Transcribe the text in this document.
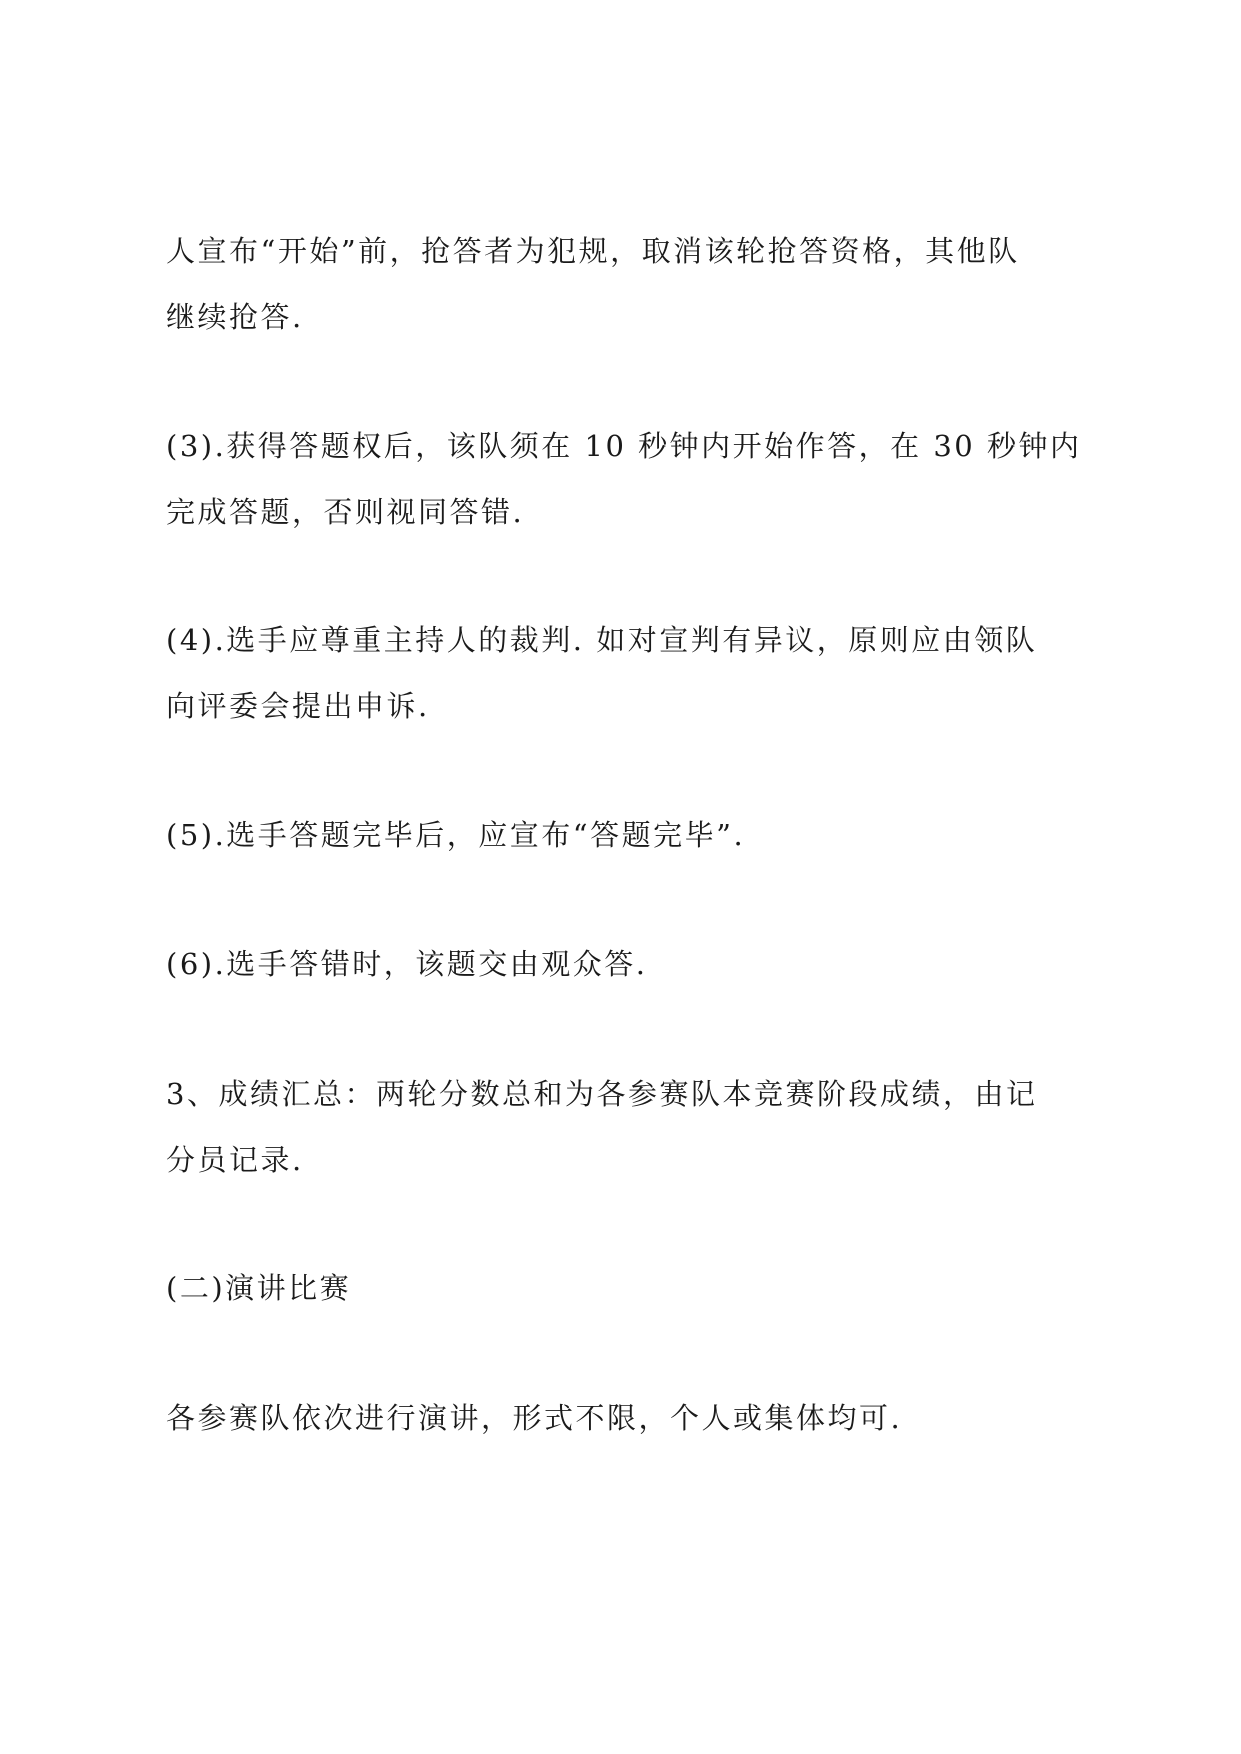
人宣布“开始”前，抢答者为犯规，取消该轮抢答资格，其他队
继续抢答.

(3).获得答题权后，该队须在 10 秒钟内开始作答，在 30 秒钟内
完成答题，否则视同答错.

(4).选手应尊重主持人的裁判. 如对宣判有异议，原则应由领队
向评委会提出申诉.

(5).选手答题完毕后，应宣布“答题完毕”.

(6).选手答错时，该题交由观众答.

3、成绩汇总：两轮分数总和为各参赛队本竞赛阶段成绩，由记
分员记录.

(二)演讲比赛

各参赛队依次进行演讲，形式不限，个人或集体均可.
